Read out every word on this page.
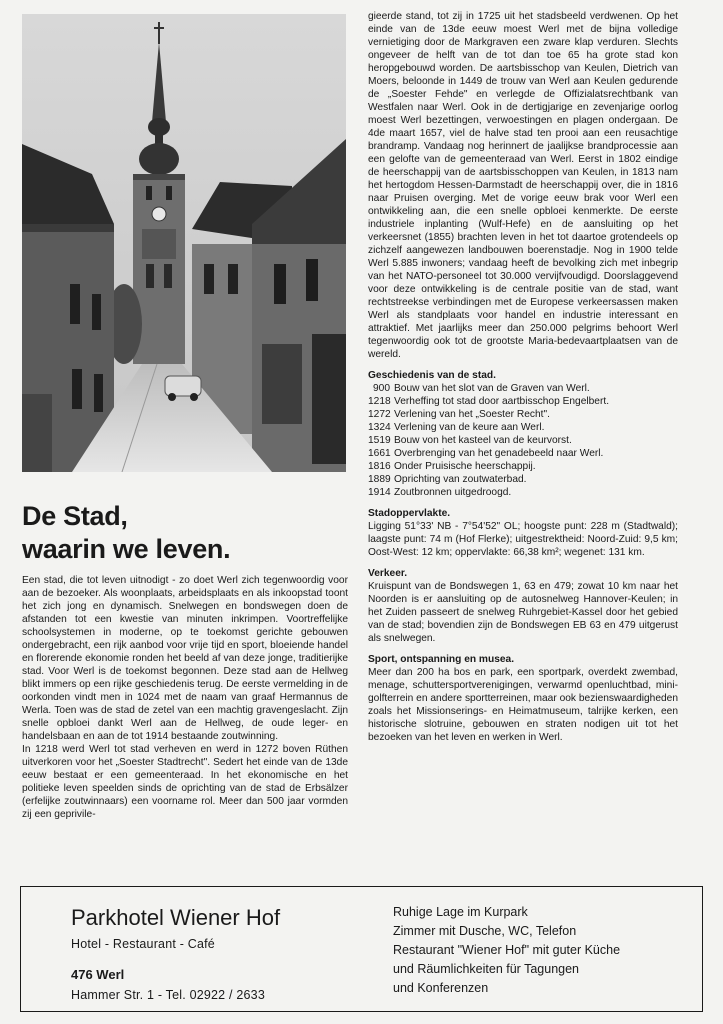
De Stad,
waarin we leven.

Een stad, die tot leven uitnodigt - zo doet Werl zich tegenwoordig voor aan de bezoeker. Als woonplaats, arbeidsplaats en als inkoopstad toont het zich jong en dynamisch. Snelwegen en bondswegen doen de afstanden tot een kwestie van minuten inkrimpen. Voortreffelijke schoolsystemen in moderne, op te toekomst gerichte gebouwen ondergebracht, een rijk aanbod voor vrije tijd en sport, bloeiende handel en florerende ekonomie ronden het beeld af van deze jonge, traditierijke stad. Voor Werl is de toekomst begonnen. Deze stad aan de Hellweg blikt immers op een rijke geschiedenis terug. De eerste vermelding in de oorkonden vindt men in 1024 met de naam van graaf Hermannus de Werla. Toen was de stad de zetel van een machtig gravengeslacht. Zijn snelle opbloei dankt Werl aan de Hellweg, de oude leger- en handelsbaan en aan de tot 1914 bestaande zoutwinning.

In 1218 werd Werl tot stad verheven en werd in 1272 boven Rüthen uitverkoren voor het „Soester Stadtrecht". Sedert het einde van de 13de eeuw bestaat er een gemeenteraad. In het ekonomische en het politieke leven speelden sinds de oprichting van de stad de Erbsälzer (erfelijke zoutwinnaars) een voorname rol. Meer dan 500 jaar vormden zij een geprivile-

gieerde stand, tot zij in 1725 uit het stadsbeeld verdwenen. Op het einde van de 13de eeuw moest Werl met de bijna volledige vernietiging door de Markgraven een zware klap verduren. Slechts ongeveer de helft van de tot dan toe 65 ha grote stad kon heropgebouwd worden. De aartsbisschop van Keulen, Dietrich van Moers, beloonde in 1449 de trouw van Werl aan Keulen gedurende de „Soester Fehde" en verlegde de Offizialatsrechtbank van Westfalen naar Werl. Ook in de dertigjarige en zevenjarige oorlog moest Werl bezettingen, verwoestingen en plagen ondergaan. De 4de maart 1657, viel de halve stad ten prooi aan een reusachtige brandramp. Vandaag nog herinnert de jaalijkse brandprocessie aan een gelofte van de gemeenteraad van Werl. Eerst in 1802 eindige de heerschappij van de aartsbisschoppen van Keulen, in 1813 nam het hertogdom Hessen-Darmstadt de heerschappij over, die in 1816 naar Pruisen overging. Met de vorige eeuw brak voor Werl een ontwikkeling aan, die een snelle opbloei kenmerkte. De eerste industriele inplanting (Wulf-Hefe) en de aansluiting op het verkeersnet (1855) brachten leven in het tot daartoe grotendeels op zichzelf aangewezen landbouwen boerenstadje. Nog in 1900 telde Werl 5.885 inwoners; vandaag heeft de bevolking zich met inbegrip van het NATO-personeel tot 30.000 vervijfvoudigd. Doorslaggevend voor deze ontwikkeling is de centrale positie van de stad, want rechtstreekse verbindingen met de Europese verkeersassen maken Werl als standplaats voor handel en industrie interessant en attraktief. Met jaarlijks meer dan 250.000 pelgrims behoort Werl tegenwoordig ook tot de grootste Maria-bedevaartplaatsen van de wereld.

Geschiedenis van de stad.

900 Bouw van het slot van de Graven van Werl.
1218 Verheffing tot stad door aartbisschop Engelbert.
1272 Verlening van het „Soester Recht".
1324 Verlening van de keure aan Werl.
1519 Bouw von het kasteel van de keurvorst.
1661 Overbrenging van het genadebeeld naar Werl.
1816 Onder Pruisische heerschappij.
1889 Oprichting van zoutwaterbad.
1914 Zoutbronnen uitgedroogd.

Stadoppervlakte.

Ligging 51°33' NB - 7°54'52" OL; hoogste punt: 228 m (Stadtwald); laagste punt: 74 m (Hof Flerke); uitgestrektheid: Noord-Zuid: 9,5 km; Oost-West: 12 km; oppervlakte: 66,38 km²; wegenet: 131 km.

Verkeer.

Kruispunt van de Bondswegen 1, 63 en 479; zowat 10 km naar het Noorden is er aansluiting op de autosnelweg Hannover-Keulen; in het Zuiden passeert de snelweg Ruhrgebiet-Kassel door het gebied van de stad; bovendien zijn de Bondswegen EB 63 en 479 uitgerust als snelwegen.

Sport, ontspanning en musea.

Meer dan 200 ha bos en park, een sportpark, overdekt zwembad, menage, schuttersportverenigingen, verwarmd openluchtbad, mini-golfterrein en andere sportterreinen, maar ook bezienswaardigheden zoals het Missionserings- en Heimatmuseum, talrijke kerken, een historische slotruine, gebouwen en straten nodigen uit tot het bezoeken van het leven en werken in Werl.

Parkhotel Wiener Hof

Hotel - Restaurant - Café
476 Werl
Hammer Str. 1 - Tel. 02922 / 2633
Ruhige Lage im Kurpark
Zimmer mit Dusche, WC, Telefon
Restaurant "Wiener Hof" mit guter Küche
und Räumlichkeiten für Tagungen
und Konferenzen
